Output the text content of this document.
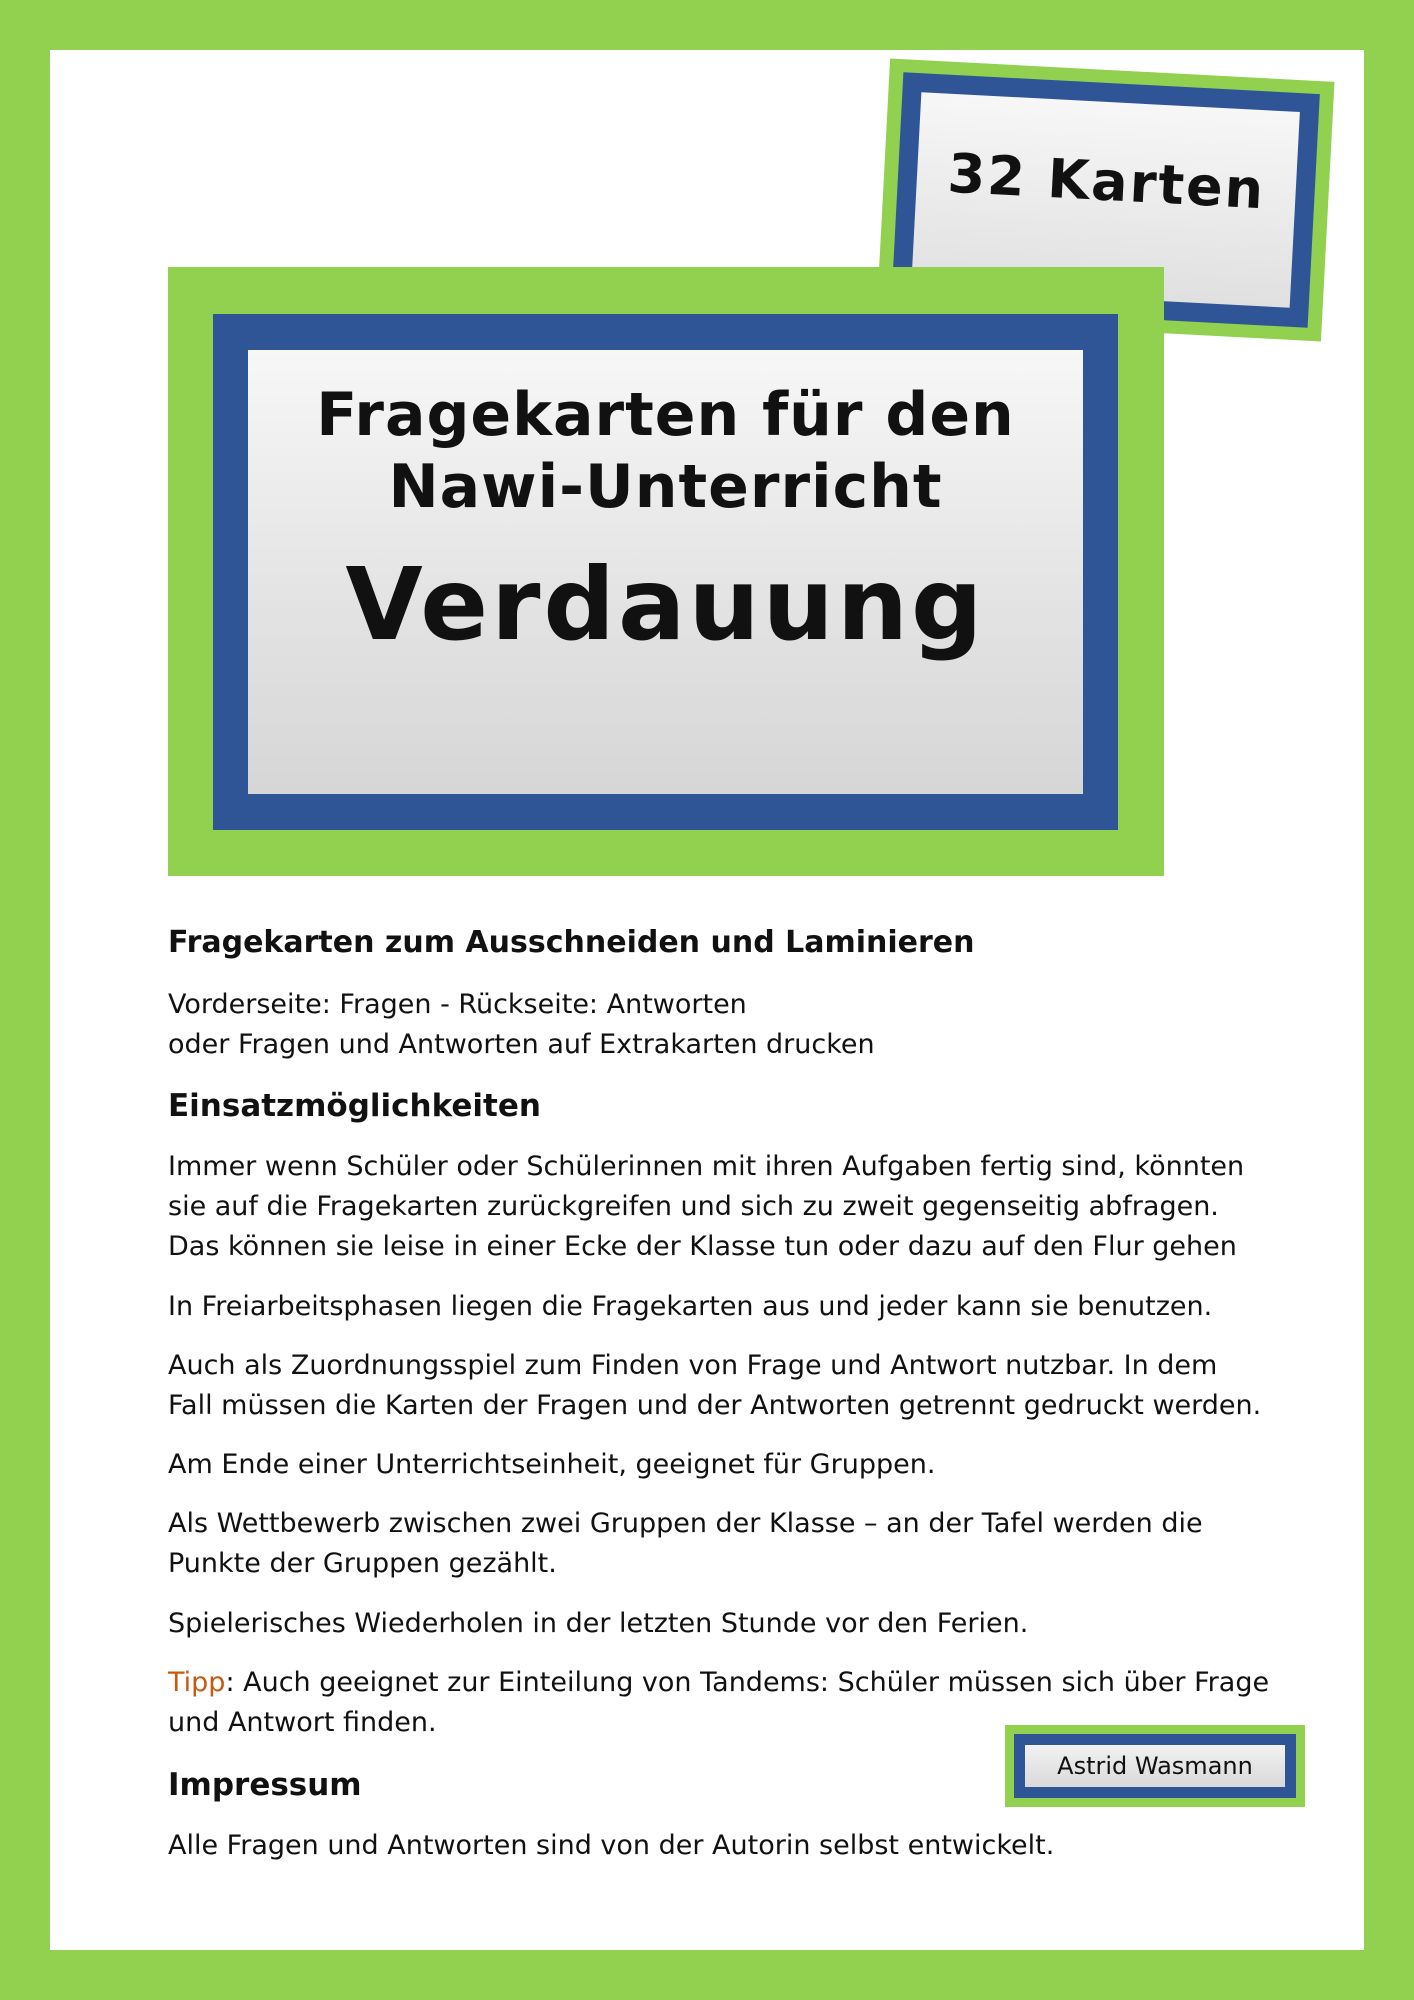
32 Karten
Fragekarten für den
Nawi-Unterricht
Verdauung
Fragekarten zum Ausschneiden und Laminieren
Vorderseite: Fragen - Rückseite: Antworten
oder Fragen und Antworten auf Extrakarten drucken
Einsatzmöglichkeiten
Immer wenn Schüler oder Schülerinnen mit ihren Aufgaben fertig sind, könnten
sie auf die Fragekarten zurückgreifen und sich zu zweit gegenseitig abfragen.
Das können sie leise in einer Ecke der Klasse tun oder dazu auf den Flur gehen
In Freiarbeitsphasen liegen die Fragekarten aus und jeder kann sie benutzen.
Auch als Zuordnungsspiel zum Finden von Frage und Antwort nutzbar. In dem
Fall müssen die Karten der Fragen und der Antworten getrennt gedruckt werden.
Am Ende einer Unterrichtseinheit, geeignet für Gruppen.
Als Wettbewerb zwischen zwei Gruppen der Klasse – an der Tafel werden die
Punkte der Gruppen gezählt.
Spielerisches Wiederholen in der letzten Stunde vor den Ferien.
Tipp: Auch geeignet zur Einteilung von Tandems: Schüler müssen sich über Frage
und Antwort finden.
Impressum
Alle Fragen und Antworten sind von der Autorin selbst entwickelt.
Astrid Wasmann
